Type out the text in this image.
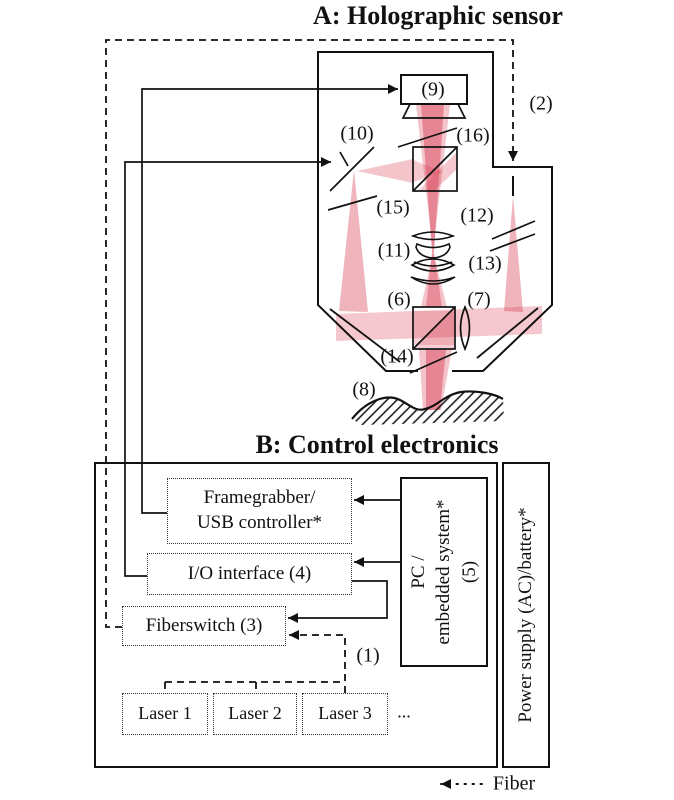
Framegrabber/
USB controller*
I/O interface (4)
Fiberswitch (3)
Laser 1 Laser 2 Laser 3
PC / embedded system* (5) Power supply (AC)/battery*
A: Holographic sensor
B: Control electronics
(2)
(9)
(10)	(16)
(15)	(12)
(11)
(13)
(6)	(7)
(14)
(8)
(1)
...
Fiber
